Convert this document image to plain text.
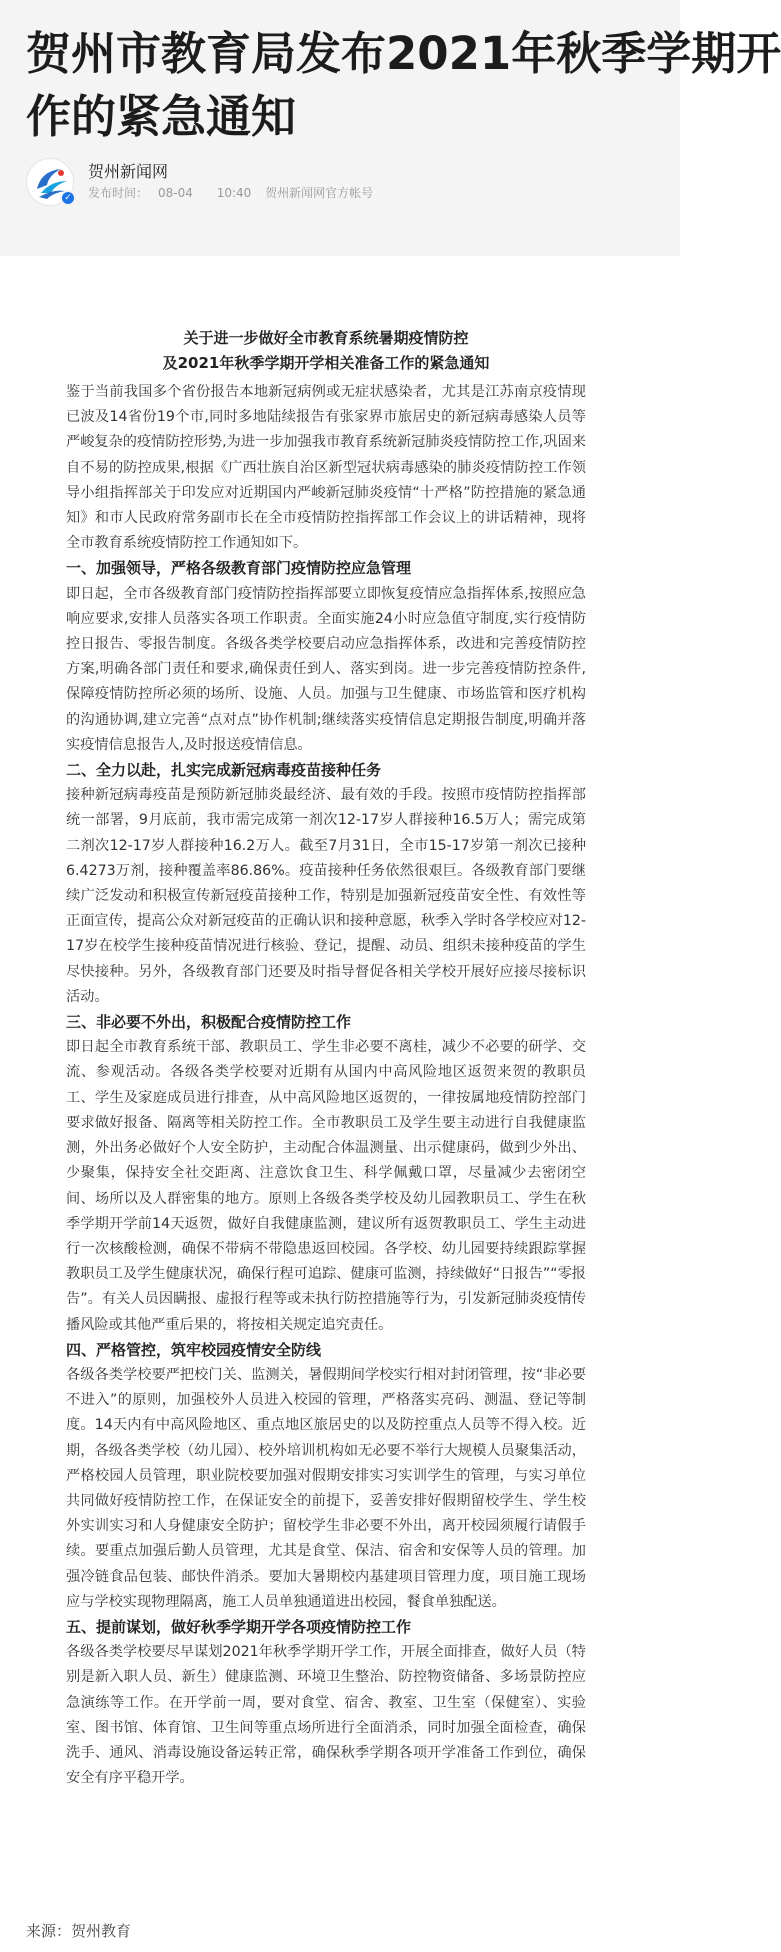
贺州市教育局发布2021年秋季学期开
作的紧急通知
✓
贺州新闻网
发布时间： 08-04 10:40 贺州新闻网官方帐号
关于进一步做好全市教育系统暑期疫情防控
及2021年秋季学期开学相关准备工作的紧急通知

鉴于当前我国多个省份报告本地新冠病例或无症状感染者，尤其是江苏南京疫情现已波及14省份19个市,同时多地陆续报告有张家界市旅居史的新冠病毒感染人员等严峻复杂的疫情防控形势,为进一步加强我市教育系统新冠肺炎疫情防控工作,巩固来自不易的防控成果,根据《广西壮族自治区新型冠状病毒感染的肺炎疫情防控工作领导小组指挥部关于印发应对近期国内严峻新冠肺炎疫情“十严格”防控措施的紧急通知》和市人民政府常务副市长在全市疫情防控指挥部工作会议上的讲话精神，现将全市教育系统疫情防控工作通知如下。

一、加强领导，严格各级教育部门疫情防控应急管理

即日起，全市各级教育部门疫情防控指挥部要立即恢复疫情应急指挥体系,按照应急响应要求,安排人员落实各项工作职责。全面实施24小时应急值守制度,实行疫情防控日报告、零报告制度。各级各类学校要启动应急指挥体系，改进和完善疫情防控方案,明确各部门责任和要求,确保责任到人、落实到岗。进一步完善疫情防控条件,保障疫情防控所必须的场所、设施、人员。加强与卫生健康、市场监管和医疗机构的沟通协调,建立完善“点对点”协作机制;继续落实疫情信息定期报告制度,明确并落实疫情信息报告人,及时报送疫情信息。

二、全力以赴，扎实完成新冠病毒疫苗接种任务

接种新冠病毒疫苗是预防新冠肺炎最经济、最有效的手段。按照市疫情防控指挥部统一部署，9月底前，我市需完成第一剂次12-17岁人群接种16.5万人；需完成第二剂次12-17岁人群接种16.2万人。截至7月31日，全市15-17岁第一剂次已接种6.4273万剂，接种覆盖率86.86%。疫苗接种任务依然很艰巨。各级教育部门要继续广泛发动和积极宣传新冠疫苗接种工作，特别是加强新冠疫苗安全性、有效性等正面宣传，提高公众对新冠疫苗的正确认识和接种意愿，秋季入学时各学校应对12-17岁在校学生接种疫苗情况进行核验、登记，提醒、动员、组织未接种疫苗的学生尽快接种。另外，各级教育部门还要及时指导督促各相关学校开展好应接尽接标识活动。

三、非必要不外出，积极配合疫情防控工作

即日起全市教育系统干部、教职员工、学生非必要不离桂，减少不必要的研学、交流、参观活动。各级各类学校要对近期有从国内中高风险地区返贺来贺的教职员工、学生及家庭成员进行排查，从中高风险地区返贺的，一律按属地疫情防控部门要求做好报备、隔离等相关防控工作。全市教职员工及学生要主动进行自我健康监测，外出务必做好个人安全防护，主动配合体温测量、出示健康码，做到少外出、少聚集，保持安全社交距离、注意饮食卫生、科学佩戴口罩，尽量减少去密闭空间、场所以及人群密集的地方。原则上各级各类学校及幼儿园教职员工、学生在秋季学期开学前14天返贺，做好自我健康监测，建议所有返贺教职员工、学生主动进行一次核酸检测，确保不带病不带隐患返回校园。各学校、幼儿园要持续跟踪掌握教职员工及学生健康状况，确保行程可追踪、健康可监测，持续做好“日报告”“零报告”。有关人员因瞒报、虚报行程等或未执行防控措施等行为，引发新冠肺炎疫情传播风险或其他严重后果的，将按相关规定追究责任。

四、严格管控，筑牢校园疫情安全防线

各级各类学校要严把校门关、监测关，暑假期间学校实行相对封闭管理，按“非必要不进入”的原则，加强校外人员进入校园的管理，严格落实亮码、测温、登记等制度。14天内有中高风险地区、重点地区旅居史的以及防控重点人员等不得入校。近期，各级各类学校（幼儿园）、校外培训机构如无必要不举行大规模人员聚集活动，严格校园人员管理，职业院校要加强对假期安排实习实训学生的管理，与实习单位共同做好疫情防控工作，在保证安全的前提下，妥善安排好假期留校学生、学生校外实训实习和人身健康安全防护；留校学生非必要不外出，离开校园须履行请假手续。要重点加强后勤人员管理，尤其是食堂、保洁、宿舍和安保等人员的管理。加强冷链食品包装、邮快件消杀。要加大暑期校内基建项目管理力度，项目施工现场应与学校实现物理隔离，施工人员单独通道进出校园，餐食单独配送。

五、提前谋划，做好秋季学期开学各项疫情防控工作

各级各类学校要尽早谋划2021年秋季学期开学工作，开展全面排查，做好人员（特别是新入职人员、新生）健康监测、环境卫生整治、防控物资储备、多场景防控应急演练等工作。在开学前一周，要对食堂、宿舍、教室、卫生室（保健室）、实验室、图书馆、体育馆、卫生间等重点场所进行全面消杀，同时加强全面检查，确保洗手、通风、消毒设施设备运转正常，确保秋季学期各项开学准备工作到位，确保安全有序平稳开学。

来源：贺州教育
